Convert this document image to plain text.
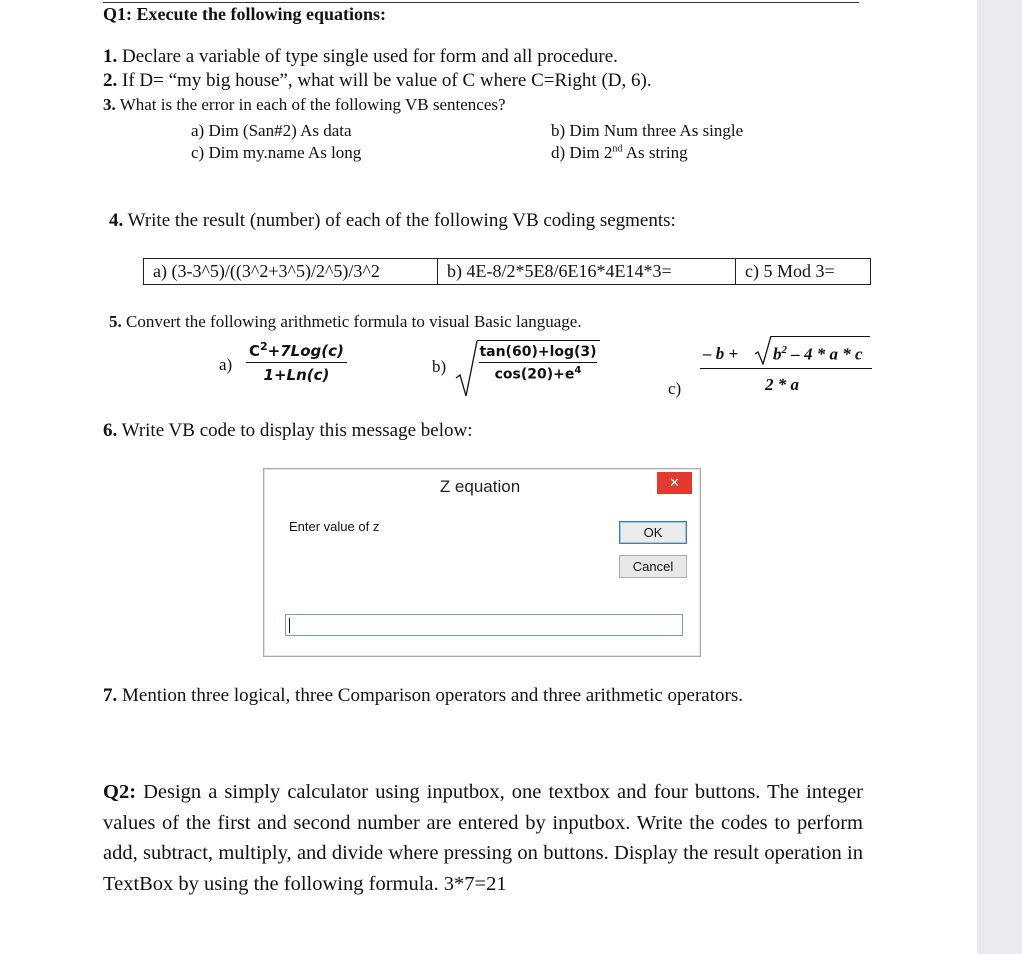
Q1: Execute the following equations:
1. Declare a variable of type single used for form and all procedure.
2. If D= “my big house”, what will be value of C where C=Right (D, 6).
3. What is the error in each of the following VB sentences?
a) Dim (San#2) As data	b) Dim Num three As single
c) Dim my.name As long	d) Dim 2nd As string
4. Write the result (number) of each of the following VB coding segments:
a) (3-3^5)/((3^2+3^5)/2^5)/3^2	b) 4E-8/2*5E8/6E16*4E14*3=	c) 5 Mod 3=
5. Convert the following arithmetic formula to visual Basic language.
a)
$C^2+7Log(c)$
1+Ln(c)	b)
tan(60)+log(3)
$\cos(20)+e^4$
c)
– $b + b^2 - 4 * a * c$
2 * a
6. Write VB code to display this message below:
Z equation	✕
Enter value of z	OK
Cancel
7. Mention three logical, three Comparison operators and three arithmetic operators.
Q2: Design a simply calculator using inputbox, one textbox and four buttons. The integer values of the first and second number are entered by inputbox. Write the codes to perform add, subtract, multiply, and divide where pressing on buttons. Display the result operation in TextBox by using the following formula. 3*7=21
